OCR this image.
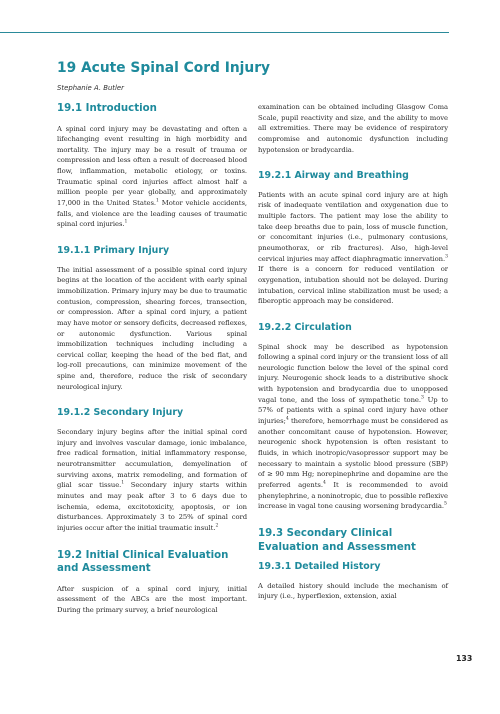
19 Acute Spinal Cord Injury
Stephanie A. Butler
19.1 Introduction

A spinal cord injury may be devastating and often a lifechanging event resulting in high morbidity and mortality. The injury may be a result of trauma or compression and less often a result of decreased blood flow, inflammation, metabolic etiology, or toxins. Traumatic spinal cord injuries affect almost half a million people per year globally, and approximately 17,000 in the United States.$^1$ Motor vehicle accidents, falls, and violence are the leading causes of traumatic spinal cord injuries.$^1$

19.1.1 Primary Injury

The initial assessment of a possible spinal cord injury begins at the location of the accident with early spinal immobilization. Primary injury may be due to traumatic contusion, compression, shearing forces, transection, or compression. After a spinal cord injury, a patient may have motor or sensory deficits, decreased reflexes, or autonomic dysfunction. Various spinal immobilization techniques including including a cervical collar, keeping the head of the bed flat, and log-roll precautions, can minimize movement of the spine and, therefore, reduce the risk of secondary neurological injury.

19.1.2 Secondary Injury

Secondary injury begins after the initial spinal cord injury and involves vascular damage, ionic imbalance, free radical formation, initial inflammatory response, neurotransmitter accumulation, demyelination of surviving axons, matrix remodeling, and formation of glial scar tissue.$^1$ Secondary injury starts within minutes and may peak after 3 to 6 days due to ischemia, edema, excitotoxicity, apoptosis, or ion disturbances. Approximately 3 to 25% of spinal cord injuries occur after the initial traumatic insult.$^2$

19.2 Initial Clinical Evaluation and Assessment

After suspicion of a spinal cord injury, initial assessment of the ABCs are the most important. During the primary survey, a brief neurological

examination can be obtained including Glasgow Coma Scale, pupil reactivity and size, and the ability to move all extremities. There may be evidence of respiratory compromise and autonomic dysfunction including hypotension or bradycardia.

19.2.1 Airway and Breathing

Patients with an acute spinal cord injury are at high risk of inadequate ventilation and oxygenation due to multiple factors. The patient may lose the ability to take deep breaths due to pain, loss of muscle function, or concomitant injuries (i.e., pulmonary contusions, pneumothorax, or rib fractures). Also, high-level cervical injuries may affect diaphragmatic innervation.$^3$ If there is a concern for reduced ventilation or oxygenation, intubation should not be delayed. During intubation, cervical inline stabilization must be used; a fiberoptic approach may be considered.

19.2.2 Circulation

Spinal shock may be described as hypotension following a spinal cord injury or the transient loss of all neurologic function below the level of the spinal cord injury. Neurogenic shock leads to a distributive shock with hypotension and bradycardia due to unopposed vagal tone, and the loss of sympathetic tone.$^3$ Up to 57% of patients with a spinal cord injury have other injuries;$^4$ therefore, hemorrhage must be considered as another concomitant cause of hypotension. However, neurogenic shock hypotension is often resistant to fluids, in which inotropic/vasopressor support may be necessary to maintain a systolic blood pressure (SBP) of ≥ 90 mm Hg; norepinephrine and dopamine are the preferred agents.$^4$ It is recommended to avoid phenylephrine, a noninotropic, due to possible reflexive increase in vagal tone causing worsening bradycardia.$^5$

19.3 Secondary Clinical Evaluation and Assessment
19.3.1 Detailed History

A detailed history should include the mechanism of injury (i.e., hyperflexion, extension, axial

133
